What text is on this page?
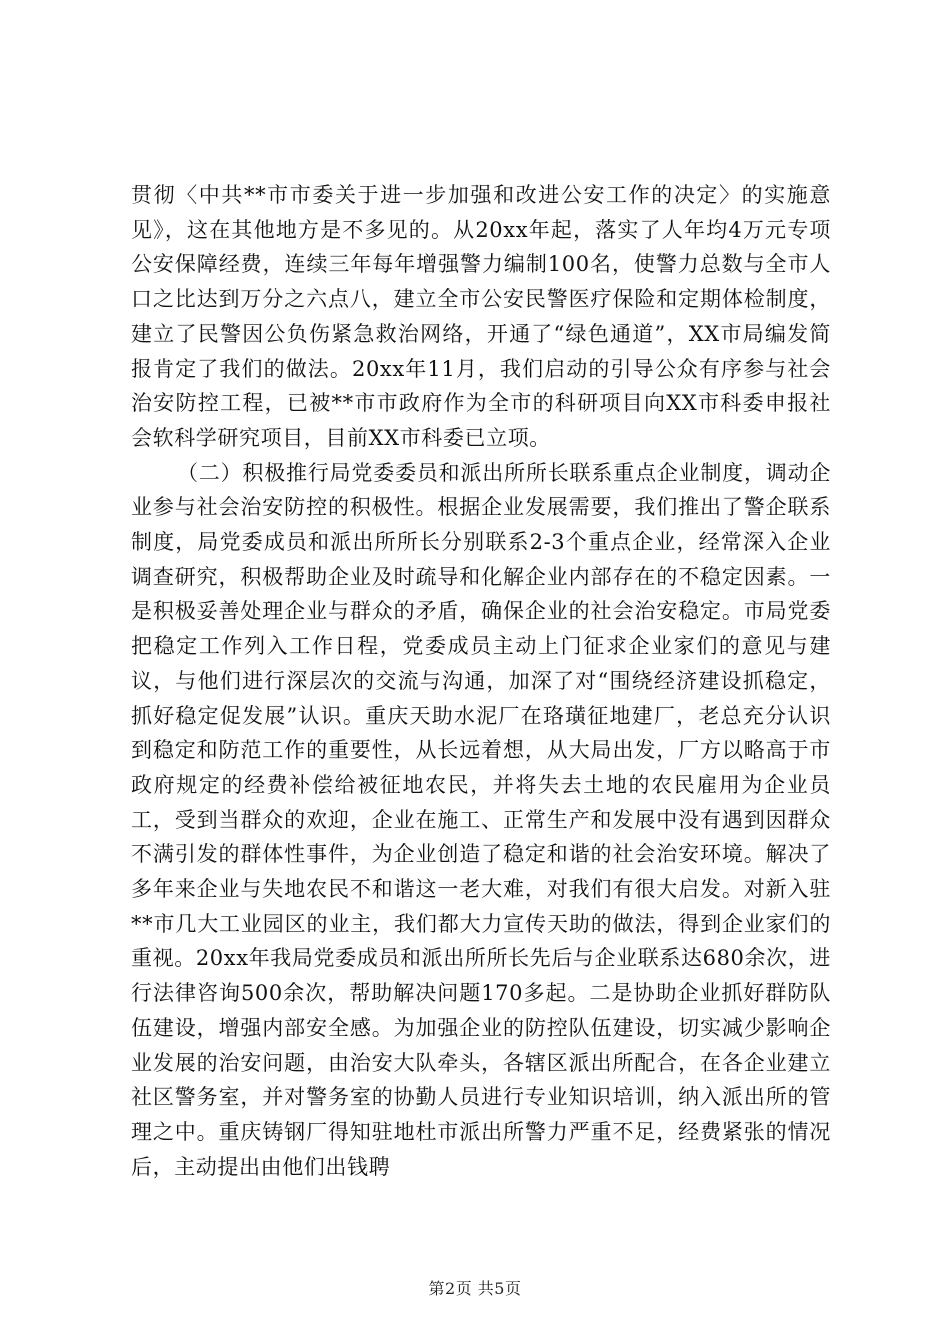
贯彻〈中共**市市委关于进一步加强和改进公安工作的决定〉的实施意见》，这在其他地方是不多见的。从20xx年起，落实了人年均4万元专项公安保障经费，连续三年每年增强警力编制100名，使警力总数与全市人口之比达到万分之六点八，建立全市公安民警医疗保险和定期体检制度，建立了民警因公负伤紧急救治网络，开通了“绿色通道”，XX市局编发简报肯定了我们的做法。20xx年11月，我们启动的引导公众有序参与社会治安防控工程，已被**市市政府作为全市的科研项目向XX市科委申报社会软科学研究项目，目前XX市科委已立项。

（二）积极推行局党委委员和派出所所长联系重点企业制度，调动企业参与社会治安防控的积极性。根据企业发展需要，我们推出了警企联系制度，局党委成员和派出所所长分别联系2-3个重点企业，经常深入企业调查研究，积极帮助企业及时疏导和化解企业内部存在的不稳定因素。一是积极妥善处理企业与群众的矛盾，确保企业的社会治安稳定。市局党委把稳定工作列入工作日程，党委成员主动上门征求企业家们的意见与建议，与他们进行深层次的交流与沟通，加深了对“围绕经济建设抓稳定，抓好稳定促发展”认识。重庆天助水泥厂在珞璜征地建厂，老总充分认识到稳定和防范工作的重要性，从长远着想，从大局出发，厂方以略高于市政府规定的经费补偿给被征地农民，并将失去土地的农民雇用为企业员工，受到当群众的欢迎，企业在施工、正常生产和发展中没有遇到因群众不满引发的群体性事件，为企业创造了稳定和谐的社会治安环境。解决了多年来企业与失地农民不和谐这一老大难，对我们有很大启发。对新入驻**市几大工业园区的业主，我们都大力宣传天助的做法，得到企业家们的重视。20xx年我局党委成员和派出所所长先后与企业联系达680余次，进行法律咨询500余次，帮助解决问题170多起。二是协助企业抓好群防队伍建设，增强内部安全感。为加强企业的防控队伍建设，切实减少影响企业发展的治安问题，由治安大队牵头，各辖区派出所配合，在各企业建立社区警务室，并对警务室的协勤人员进行专业知识培训，纳入派出所的管理之中。重庆铸钢厂得知驻地杜市派出所警力严重不足，经费紧张的情况后，主动提出由他们出钱聘

第2页 共5页
